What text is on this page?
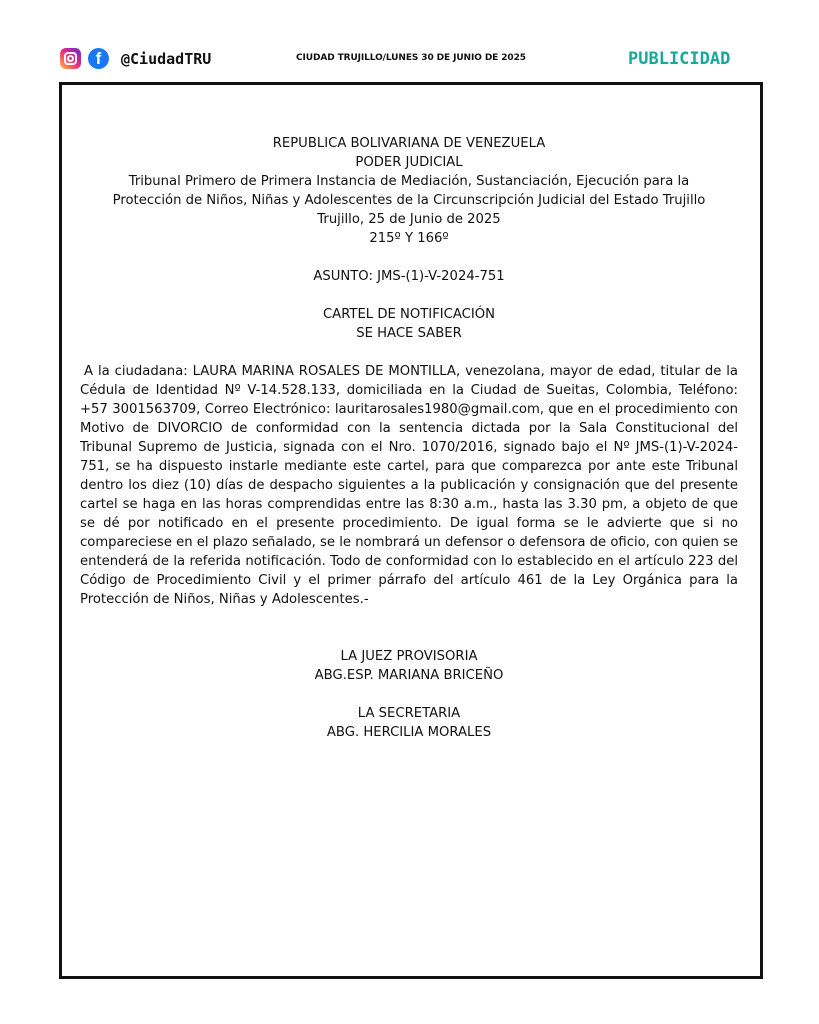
f	@CiudadTRU	CIUDAD TRUJILLO/LUNES 30 DE JUNIO DE 2025	PUBLICIDAD

REPUBLICA BOLIVARIANA DE VENEZUELA

PODER JUDICIAL

Tribunal Primero de Primera Instancia de Mediación, Sustanciación, Ejecución para la

Protección de Niños, Niñas y Adolescentes de la Circunscripción Judicial del Estado Trujillo

Trujillo, 25 de Junio de 2025

215º Y 166º

ASUNTO: JMS-(1)-V-2024-751

CARTEL DE NOTIFICACIÓN

SE HACE SABER

A la ciudadana: LAURA MARINA ROSALES DE MONTILLA, venezolana, mayor de edad, titular de la Cédula de Identidad Nº V-14.528.133, domiciliada en la Ciudad de Sueitas, Colombia, Teléfono: +57 3001563709, Correo Electrónico: lauritarosales1980@gmail.com, que en el procedimiento con Motivo de DIVORCIO de conformidad con la sentencia dictada por la Sala Constitucional del Tribunal Supremo de Justicia, signada con el Nro. 1070/2016, signado bajo el Nº JMS-(1)-V-2024-751, se ha dispuesto instarle mediante este cartel, para que comparezca por ante este Tribunal dentro los diez (10) días de despacho siguientes a la publicación y consignación que del presente cartel se haga en las horas comprendidas entre las 8:30 a.m., hasta las 3.30 pm, a objeto de que se dé por notificado en el presente procedimiento. De igual forma se le advierte que si no compareciese en el plazo señalado, se le nombrará un defensor o defensora de oficio, con quien se entenderá de la referida notificación. Todo de conformidad con lo establecido en el artículo 223 del Código de Procedimiento Civil y el primer párrafo del artículo 461 de la Ley Orgánica para la Protección de Niños, Niñas y Adolescentes.-

LA JUEZ PROVISORIA

ABG.ESP. MARIANA BRICEÑO

LA SECRETARIA

ABG. HERCILIA MORALES
